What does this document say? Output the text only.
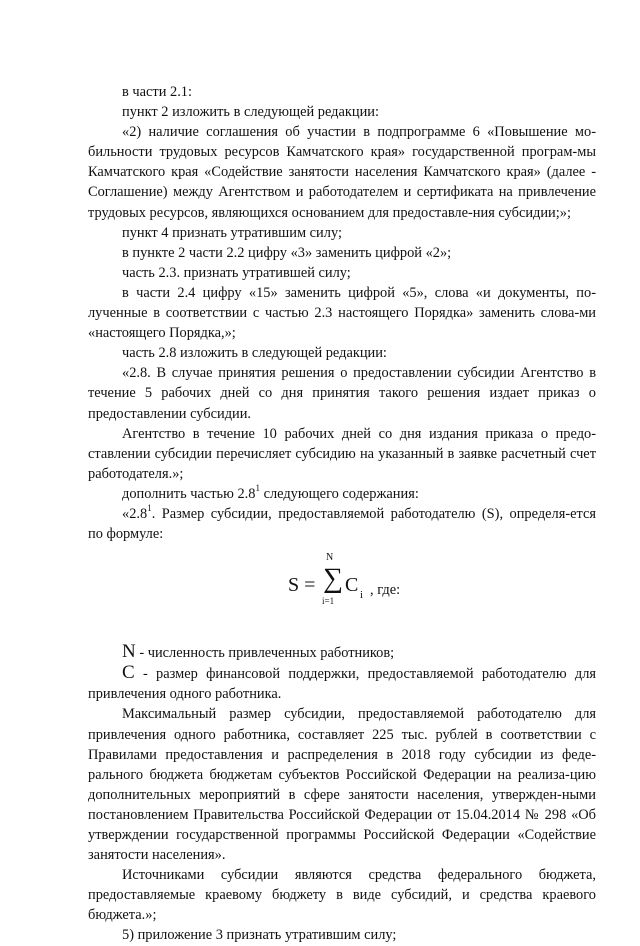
в части 2.1:

пункт 2 изложить в следующей редакции:

«2) наличие соглашения об участии в подпрограмме 6 «Повышение мо-бильности трудовых ресурсов Камчатского края» государственной програм-мы Камчатского края «Содействие занятости населения Камчатского края» (далее - Соглашение) между Агентством и работодателем и сертификата на привлечение трудовых ресурсов, являющихся основанием для предоставле-ния субсидии;»;

пункт 4 признать утратившим силу;

в пункте 2 части 2.2 цифру «3» заменить цифрой «2»;

часть 2.3. признать утратившей силу;

в части 2.4 цифру «15» заменить цифрой «5», слова «и документы, по-лученные в соответствии с частью 2.3 настоящего Порядка» заменить слова-ми «настоящего Порядка,»;

часть 2.8 изложить в следующей редакции:

«2.8. В случае принятия решения о предоставлении субсидии Агентство в течение 5 рабочих дней со дня принятия такого решения издает приказ о предоставлении субсидии.

Агентство в течение 10 рабочих дней со дня издания приказа о предо-ставлении субсидии перечисляет субсидию на указанный в заявке расчетный счет работодателя.»;

дополнить частью $2.8^1$ следующего содержания:

«$2.8^1$. Размер субсидии, предоставляемой работодателю (S), определя-ется по формуле:

S =
N
∑
i=1
C i , где:

N - численность привлеченных работников;

C - размер финансовой поддержки, предоставляемой работодателю для привлечения одного работника.

Максимальный размер субсидии, предоставляемой работодателю для привлечения одного работника, составляет 225 тыс. рублей в соответствии с Правилами предоставления и распределения в 2018 году субсидии из феде-рального бюджета бюджетам субъектов Российской Федерации на реализа-цию дополнительных мероприятий в сфере занятости населения, утвержден-ными постановлением Правительства Российской Федерации от 15.04.2014 № 298 «Об утверждении государственной программы Российской Федерации «Содействие занятости населения».

Источниками субсидии являются средства федерального бюджета, предоставляемые краевому бюджету в виде субсидий, и средства краевого бюджета.»;

5) приложение 3 признать утратившим силу;
